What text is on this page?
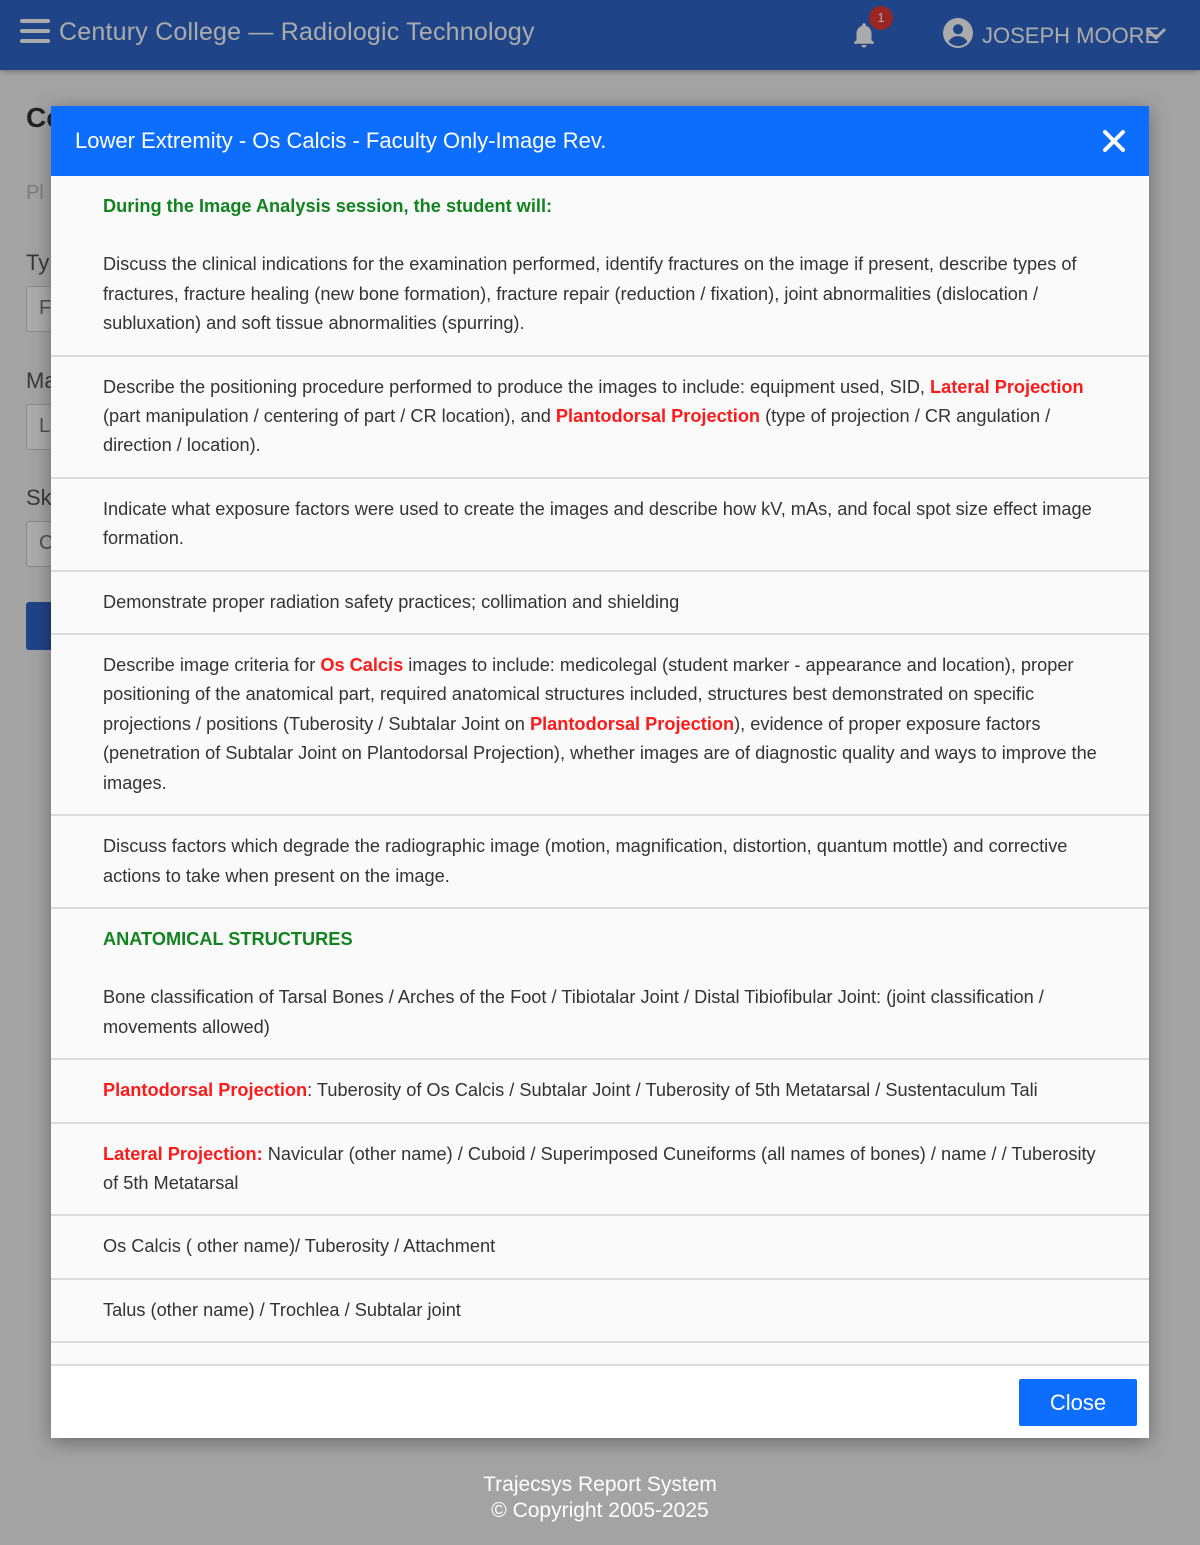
Trajecsys Report System
© Copyright 2005-2025
Lower Extremity - Os Calcis - Faculty Only-Image Rev.
During the Image Analysis session, the student will:
Discuss the clinical indications for the examination performed, identify fractures on the image if present, describe types of fractures, fracture healing (new bone formation), fracture repair (reduction / fixation), joint abnormalities (dislocation / subluxation) and soft tissue abnormalities (spurring).
Describe the positioning procedure performed to produce the images to include: equipment used, SID, Lateral Projection (part manipulation / centering of part / CR location), and Plantodorsal Projection (type of projection / CR angulation / direction / location).
Indicate what exposure factors were used to create the images and describe how kV, mAs, and focal spot size effect image formation.
Demonstrate proper radiation safety practices; collimation and shielding
Describe image criteria for Os Calcis images to include: medicolegal (student marker - appearance and location), proper positioning of the anatomical part, required anatomical structures included, structures best demonstrated on specific projections / positions (Tuberosity / Subtalar Joint on Plantodorsal Projection), evidence of proper exposure factors (penetration of Subtalar Joint on Plantodorsal Projection), whether images are of diagnostic quality and ways to improve the images.
Discuss factors which degrade the radiographic image (motion, magnification, distortion, quantum mottle) and corrective actions to take when present on the image.
ANATOMICAL STRUCTURES
Bone classification of Tarsal Bones / Arches of the Foot / Tibiotalar Joint / Distal Tibiofibular Joint: (joint classification / movements allowed)
Plantodorsal Projection: Tuberosity of Os Calcis / Subtalar Joint / Tuberosity of 5th Metatarsal / Sustentaculum Tali
Lateral Projection: Navicular (other name) / Cuboid / Superimposed Cuneiforms (all names of bones) / name / / Tuberosity of 5th Metatarsal
Os Calcis ( other name)/ Tuberosity / Attachment
Talus (other name) / Trochlea / Subtalar joint
Close
